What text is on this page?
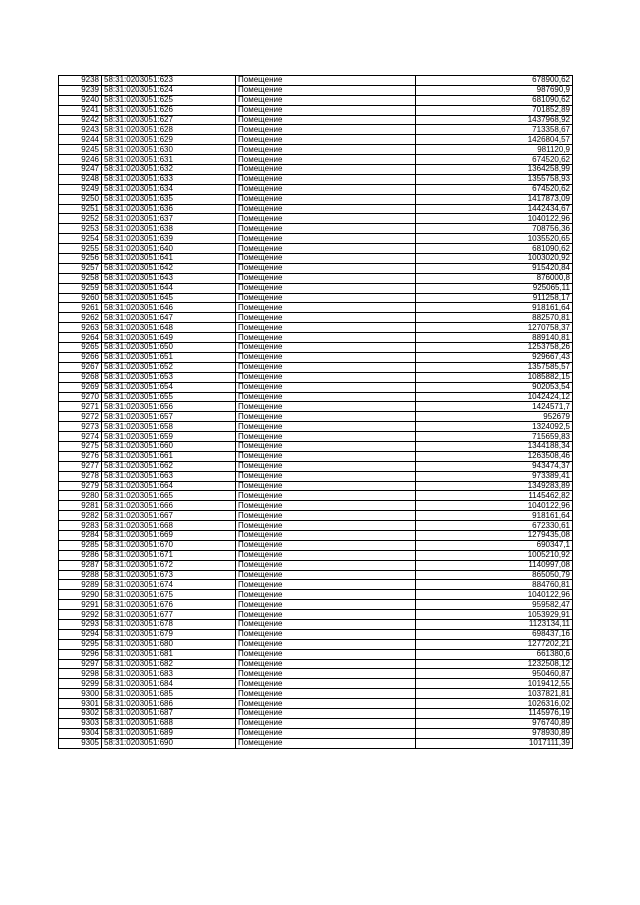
9238	58:31:0203051:623	Помещение	678900,62
9239	58:31:0203051:624	Помещение	987690,9
9240	58:31:0203051:625	Помещение	681090,62
9241	58:31:0203051:626	Помещение	701852,89
9242	58:31:0203051:627	Помещение	1437968,92
9243	58:31:0203051:628	Помещение	713358,67
9244	58:31:0203051:629	Помещение	1426804,57
9245	58:31:0203051:630	Помещение	981120,9
9246	58:31:0203051:631	Помещение	674520,62
9247	58:31:0203051:632	Помещение	1364258,99
9248	58:31:0203051:633	Помещение	1355758,93
9249	58:31:0203051:634	Помещение	674520,62
9250	58:31:0203051:635	Помещение	1417873,09
9251	58:31:0203051:636	Помещение	1442434,67
9252	58:31:0203051:637	Помещение	1040122,96
9253	58:31:0203051:638	Помещение	708756,36
9254	58:31:0203051:639	Помещение	1035520,65
9255	58:31:0203051:640	Помещение	681090,62
9256	58:31:0203051:641	Помещение	1003020,92
9257	58:31:0203051:642	Помещение	915420,84
9258	58:31:0203051:643	Помещение	876000,8
9259	58:31:0203051:644	Помещение	925065,11
9260	58:31:0203051:645	Помещение	911258,17
9261	58:31:0203051:646	Помещение	918161,64
9262	58:31:0203051:647	Помещение	882570,81
9263	58:31:0203051:648	Помещение	1270758,37
9264	58:31:0203051:649	Помещение	889140,81
9265	58:31:0203051:650	Помещение	1253758,26
9266	58:31:0203051:651	Помещение	929667,43
9267	58:31:0203051:652	Помещение	1357585,57
9268	58:31:0203051:653	Помещение	1085882,15
9269	58:31:0203051:654	Помещение	902053,54
9270	58:31:0203051:655	Помещение	1042424,12
9271	58:31:0203051:656	Помещение	1424571,7
9272	58:31:0203051:657	Помещение	952679
9273	58:31:0203051:658	Помещение	1324092,5
9274	58:31:0203051:659	Помещение	715659,83
9275	58:31:0203051:660	Помещение	1344188,34
9276	58:31:0203051:661	Помещение	1263508,46
9277	58:31:0203051:662	Помещение	943474,37
9278	58:31:0203051:663	Помещение	973389,41
9279	58:31:0203051:664	Помещение	1349283,89
9280	58:31:0203051:665	Помещение	1145462,82
9281	58:31:0203051:666	Помещение	1040122,96
9282	58:31:0203051:667	Помещение	918161,64
9283	58:31:0203051:668	Помещение	672330,61
9284	58:31:0203051:669	Помещение	1279435,08
9285	58:31:0203051:670	Помещение	690347,1
9286	58:31:0203051:671	Помещение	1005210,92
9287	58:31:0203051:672	Помещение	1140997,08
9288	58:31:0203051:673	Помещение	865050,79
9289	58:31:0203051:674	Помещение	884760,81
9290	58:31:0203051:675	Помещение	1040122,96
9291	58:31:0203051:676	Помещение	959582,47
9292	58:31:0203051:677	Помещение	1053929,91
9293	58:31:0203051:678	Помещение	1123134,11
9294	58:31:0203051:679	Помещение	698437,16
9295	58:31:0203051:680	Помещение	1277202,21
9296	58:31:0203051:681	Помещение	661380,6
9297	58:31:0203051:682	Помещение	1232508,12
9298	58:31:0203051:683	Помещение	950460,87
9299	58:31:0203051:684	Помещение	1019412,55
9300	58:31:0203051:685	Помещение	1037821,81
9301	58:31:0203051:686	Помещение	1026316,02
9302	58:31:0203051:687	Помещение	1145976,19
9303	58:31:0203051:688	Помещение	976740,89
9304	58:31:0203051:689	Помещение	978930,89
9305	58:31:0203051:690	Помещение	1017111,39
